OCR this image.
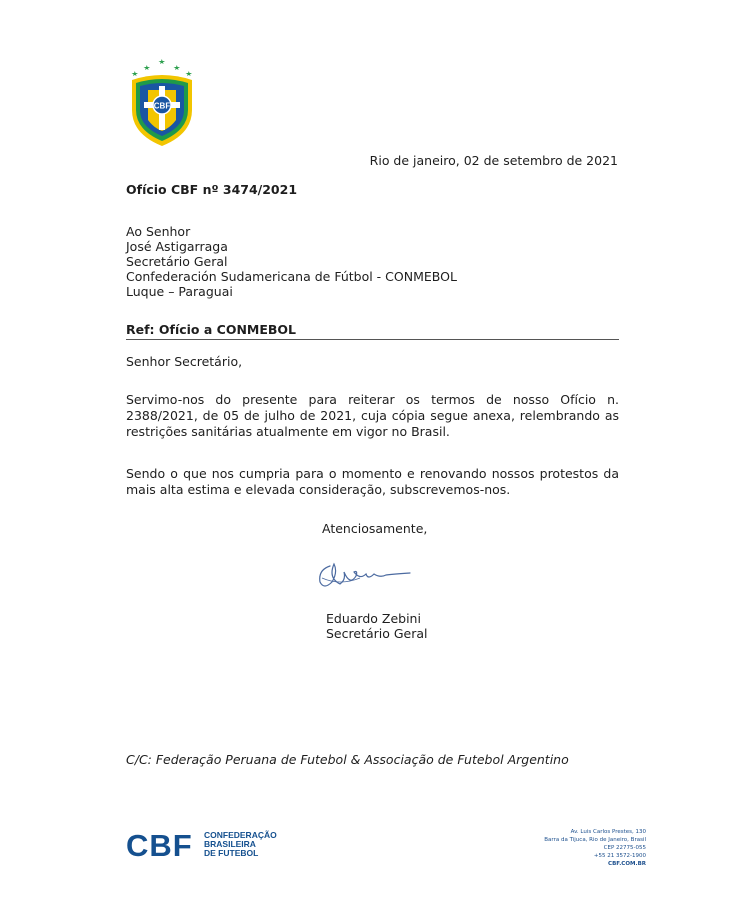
CBF
Rio de janeiro, 02 de setembro de 2021
Ofício CBF nº 3474/2021
Ao Senhor
José Astigarraga
Secretário Geral
Confederación Sudamericana de Fútbol - CONMEBOL
Luque – Paraguai
Ref: Ofício a CONMEBOL
Senhor Secretário,
Servimo-nos do presente para reiterar os termos de nosso Ofício n. 2388/2021, de 05 de julho de 2021, cuja cópia segue anexa, relembrando as restrições sanitárias atualmente em vigor no Brasil.
Sendo o que nos cumpria para o momento e renovando nossos protestos da mais alta estima e elevada consideração, subscrevemos-nos.
Atenciosamente,
Eduardo Zebini
Secretário Geral
C/C: Federação Peruana de Futebol & Associação de Futebol Argentino
CBF CONFEDERAÇÃO
BRASILEIRA
DE FUTEBOL
Av. Luis Carlos Prestes, 130
Barra da Tijuca, Rio de Janeiro, Brasil
CEP 22775-055
+55 21 3572-1900
CBF.COM.BR
